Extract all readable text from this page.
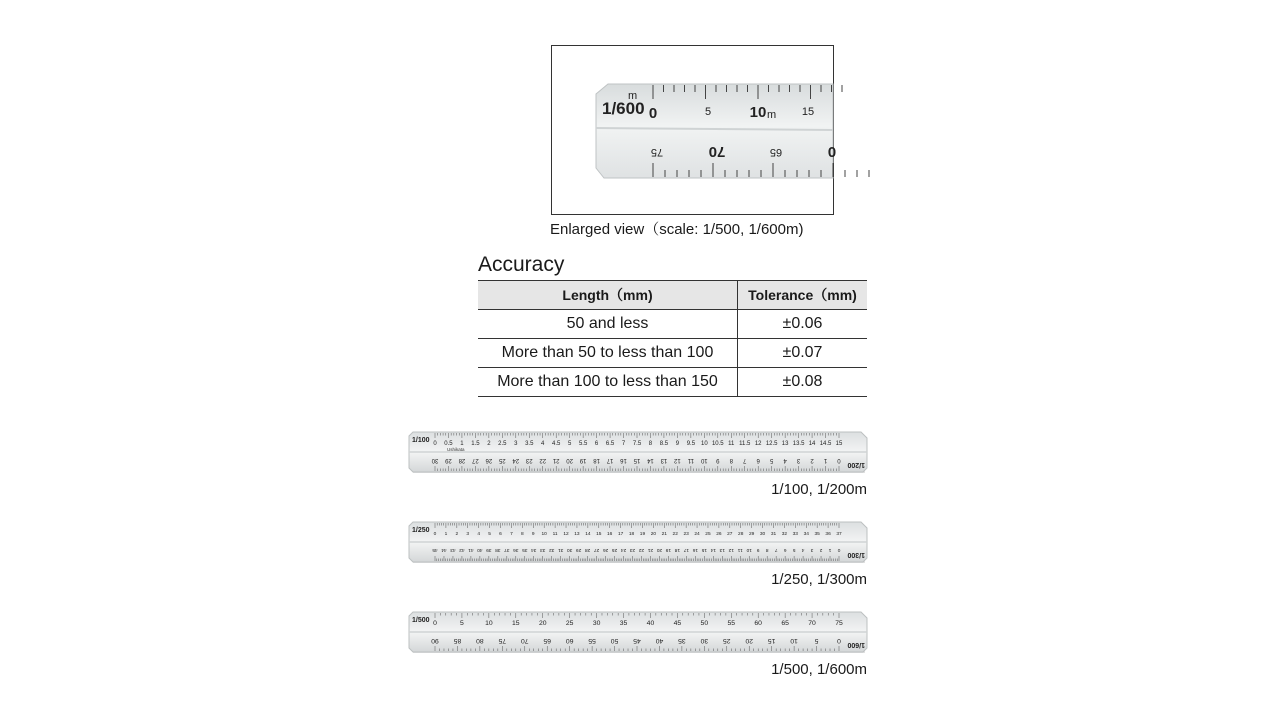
1/600
m
0	5	10	15
m
75	70	65	0
Enlarged view（scale: 1/500, 1/600m)
Accuracy
Length（mm)	Tolerance（mm)
50 and less	±0.06
More than 50 to less than 100	±0.07
More than 100 to less than 150	±0.08
0 0.5 1 1.5 2 2.5 3 3.5 4 4.5 5 5.5 6 6.5 7 7.5 8 8.5 9 9.5 10 10.5 11 11.5 12 12.5 13 13.5 14 14.5 15
30 29 28 27 26 25 24 23 22 21 20 19 18 17 16 15 14 13 12 11 10 9 8 7 6 5 4 3 2 1 0
1/100
1/200
Ushikata
1/100, 1/200m
0 1 2 3 4 5 6 7 8 9 10 11 12 13 14 15 16 17 18 19 20 21 22 23 24 25 26 27 28 29 30 31 32 33 34 35 36 37
45 44 43 42 41 40 39 38 37 36 35 34 33 32 31 30 29 28 27 26 25 24 23 22 21 20 19 18 17 16 15 14 13 12 11 10 9 8 7 6 5 4 3 2 1 0
1/250
1/300
1/250, 1/300m
0	5	10	15	20	25	30	35	40	45	50	55	60	65	70	75
90 85 80 75 70 65 60 55 50 45 40 35 30 25 20 15 10 5	0
1/500
1/600
1/500, 1/600m
